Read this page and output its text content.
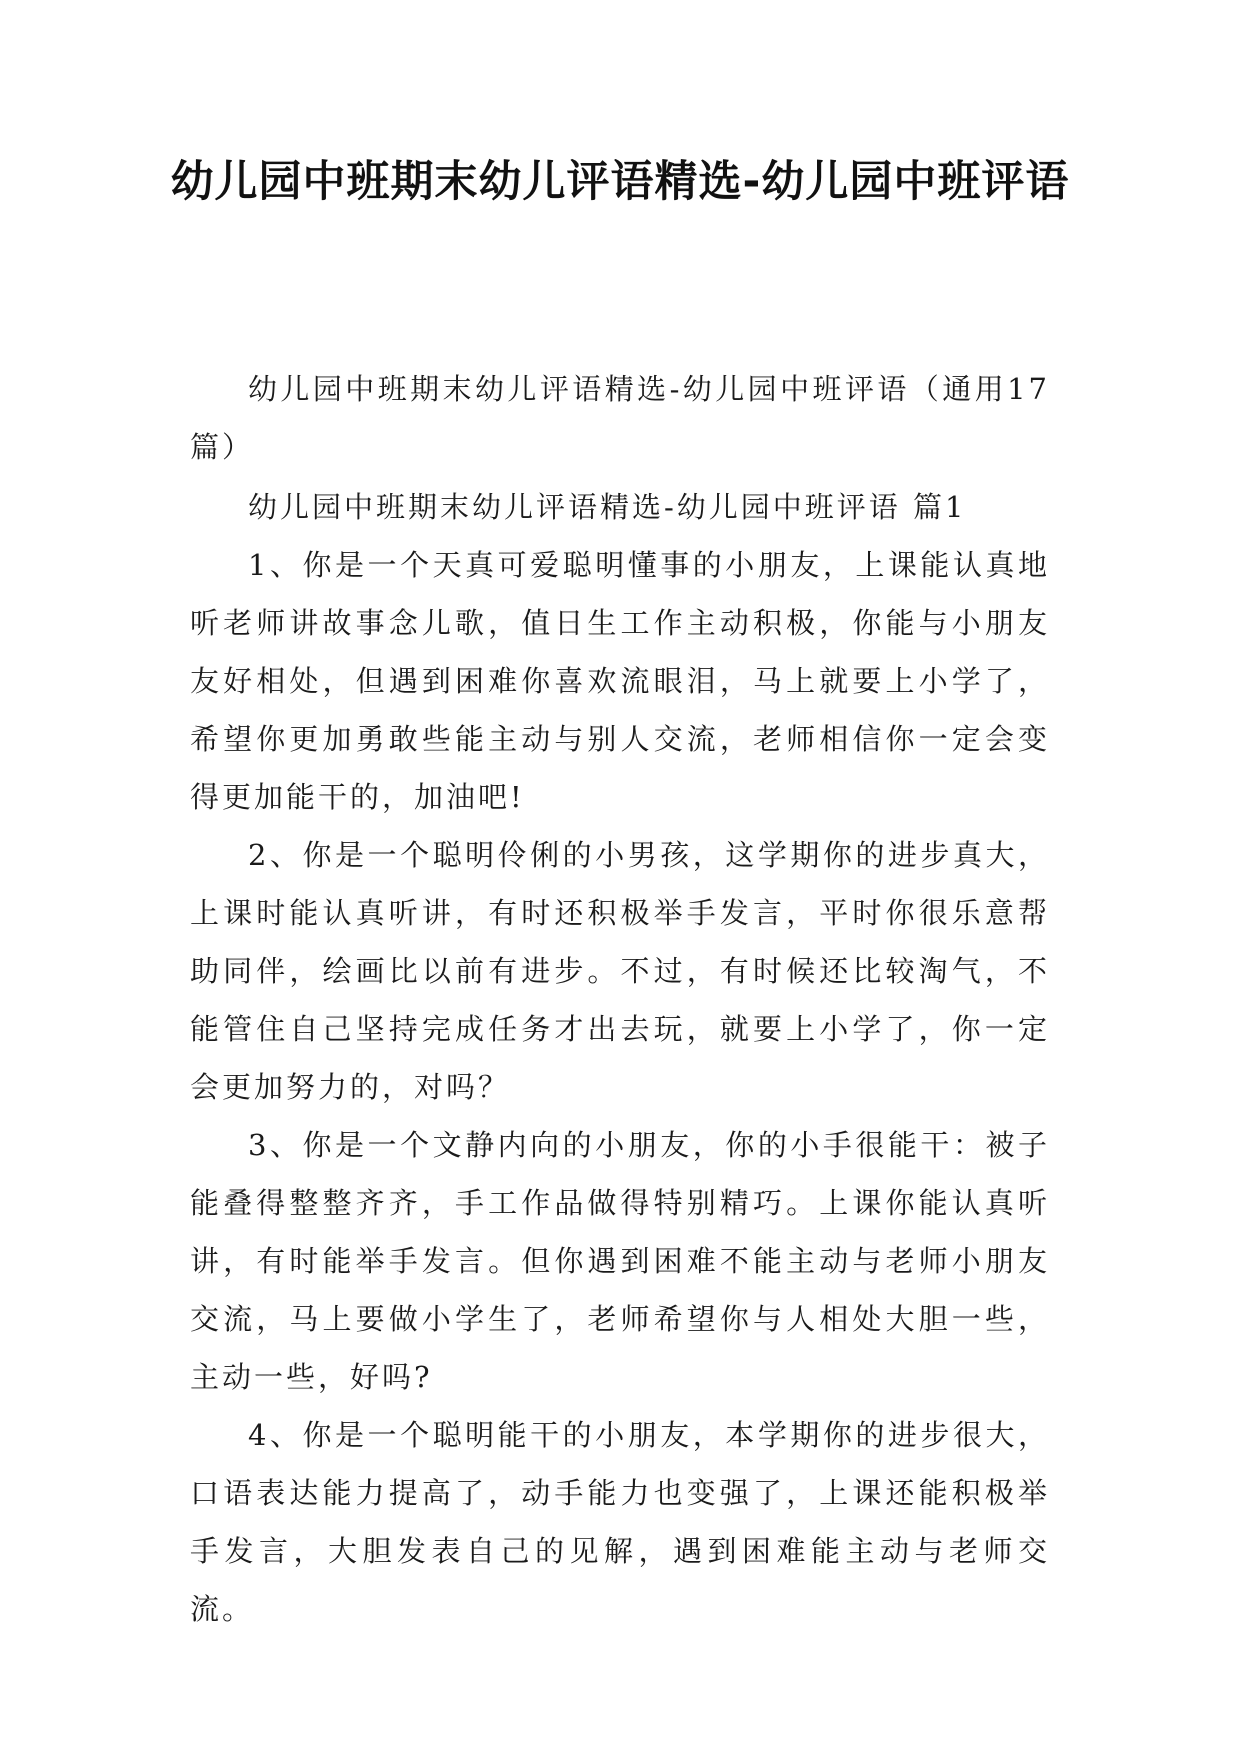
幼儿园中班期末幼儿评语精选-幼儿园中班评语

幼儿园中班期末幼儿评语精选-幼儿园中班评语（通用17篇）

幼儿园中班期末幼儿评语精选-幼儿园中班评语 篇1

1、你是一个天真可爱聪明懂事的小朋友，上课能认真地听老师讲故事念儿歌，值日生工作主动积极，你能与小朋友友好相处，但遇到困难你喜欢流眼泪，马上就要上小学了，希望你更加勇敢些能主动与别人交流，老师相信你一定会变得更加能干的，加油吧!

2、你是一个聪明伶俐的小男孩，这学期你的进步真大，上课时能认真听讲，有时还积极举手发言，平时你很乐意帮助同伴，绘画比以前有进步。不过，有时候还比较淘气，不能管住自己坚持完成任务才出去玩，就要上小学了，你一定会更加努力的，对吗？

3、你是一个文静内向的小朋友，你的小手很能干：被子能叠得整整齐齐，手工作品做得特别精巧。上课你能认真听讲，有时能举手发言。但你遇到困难不能主动与老师小朋友交流，马上要做小学生了，老师希望你与人相处大胆一些，主动一些，好吗?

4、你是一个聪明能干的小朋友，本学期你的进步很大，口语表达能力提高了，动手能力也变强了，上课还能积极举手发言，大胆发表自己的见解，遇到困难能主动与老师交流。
